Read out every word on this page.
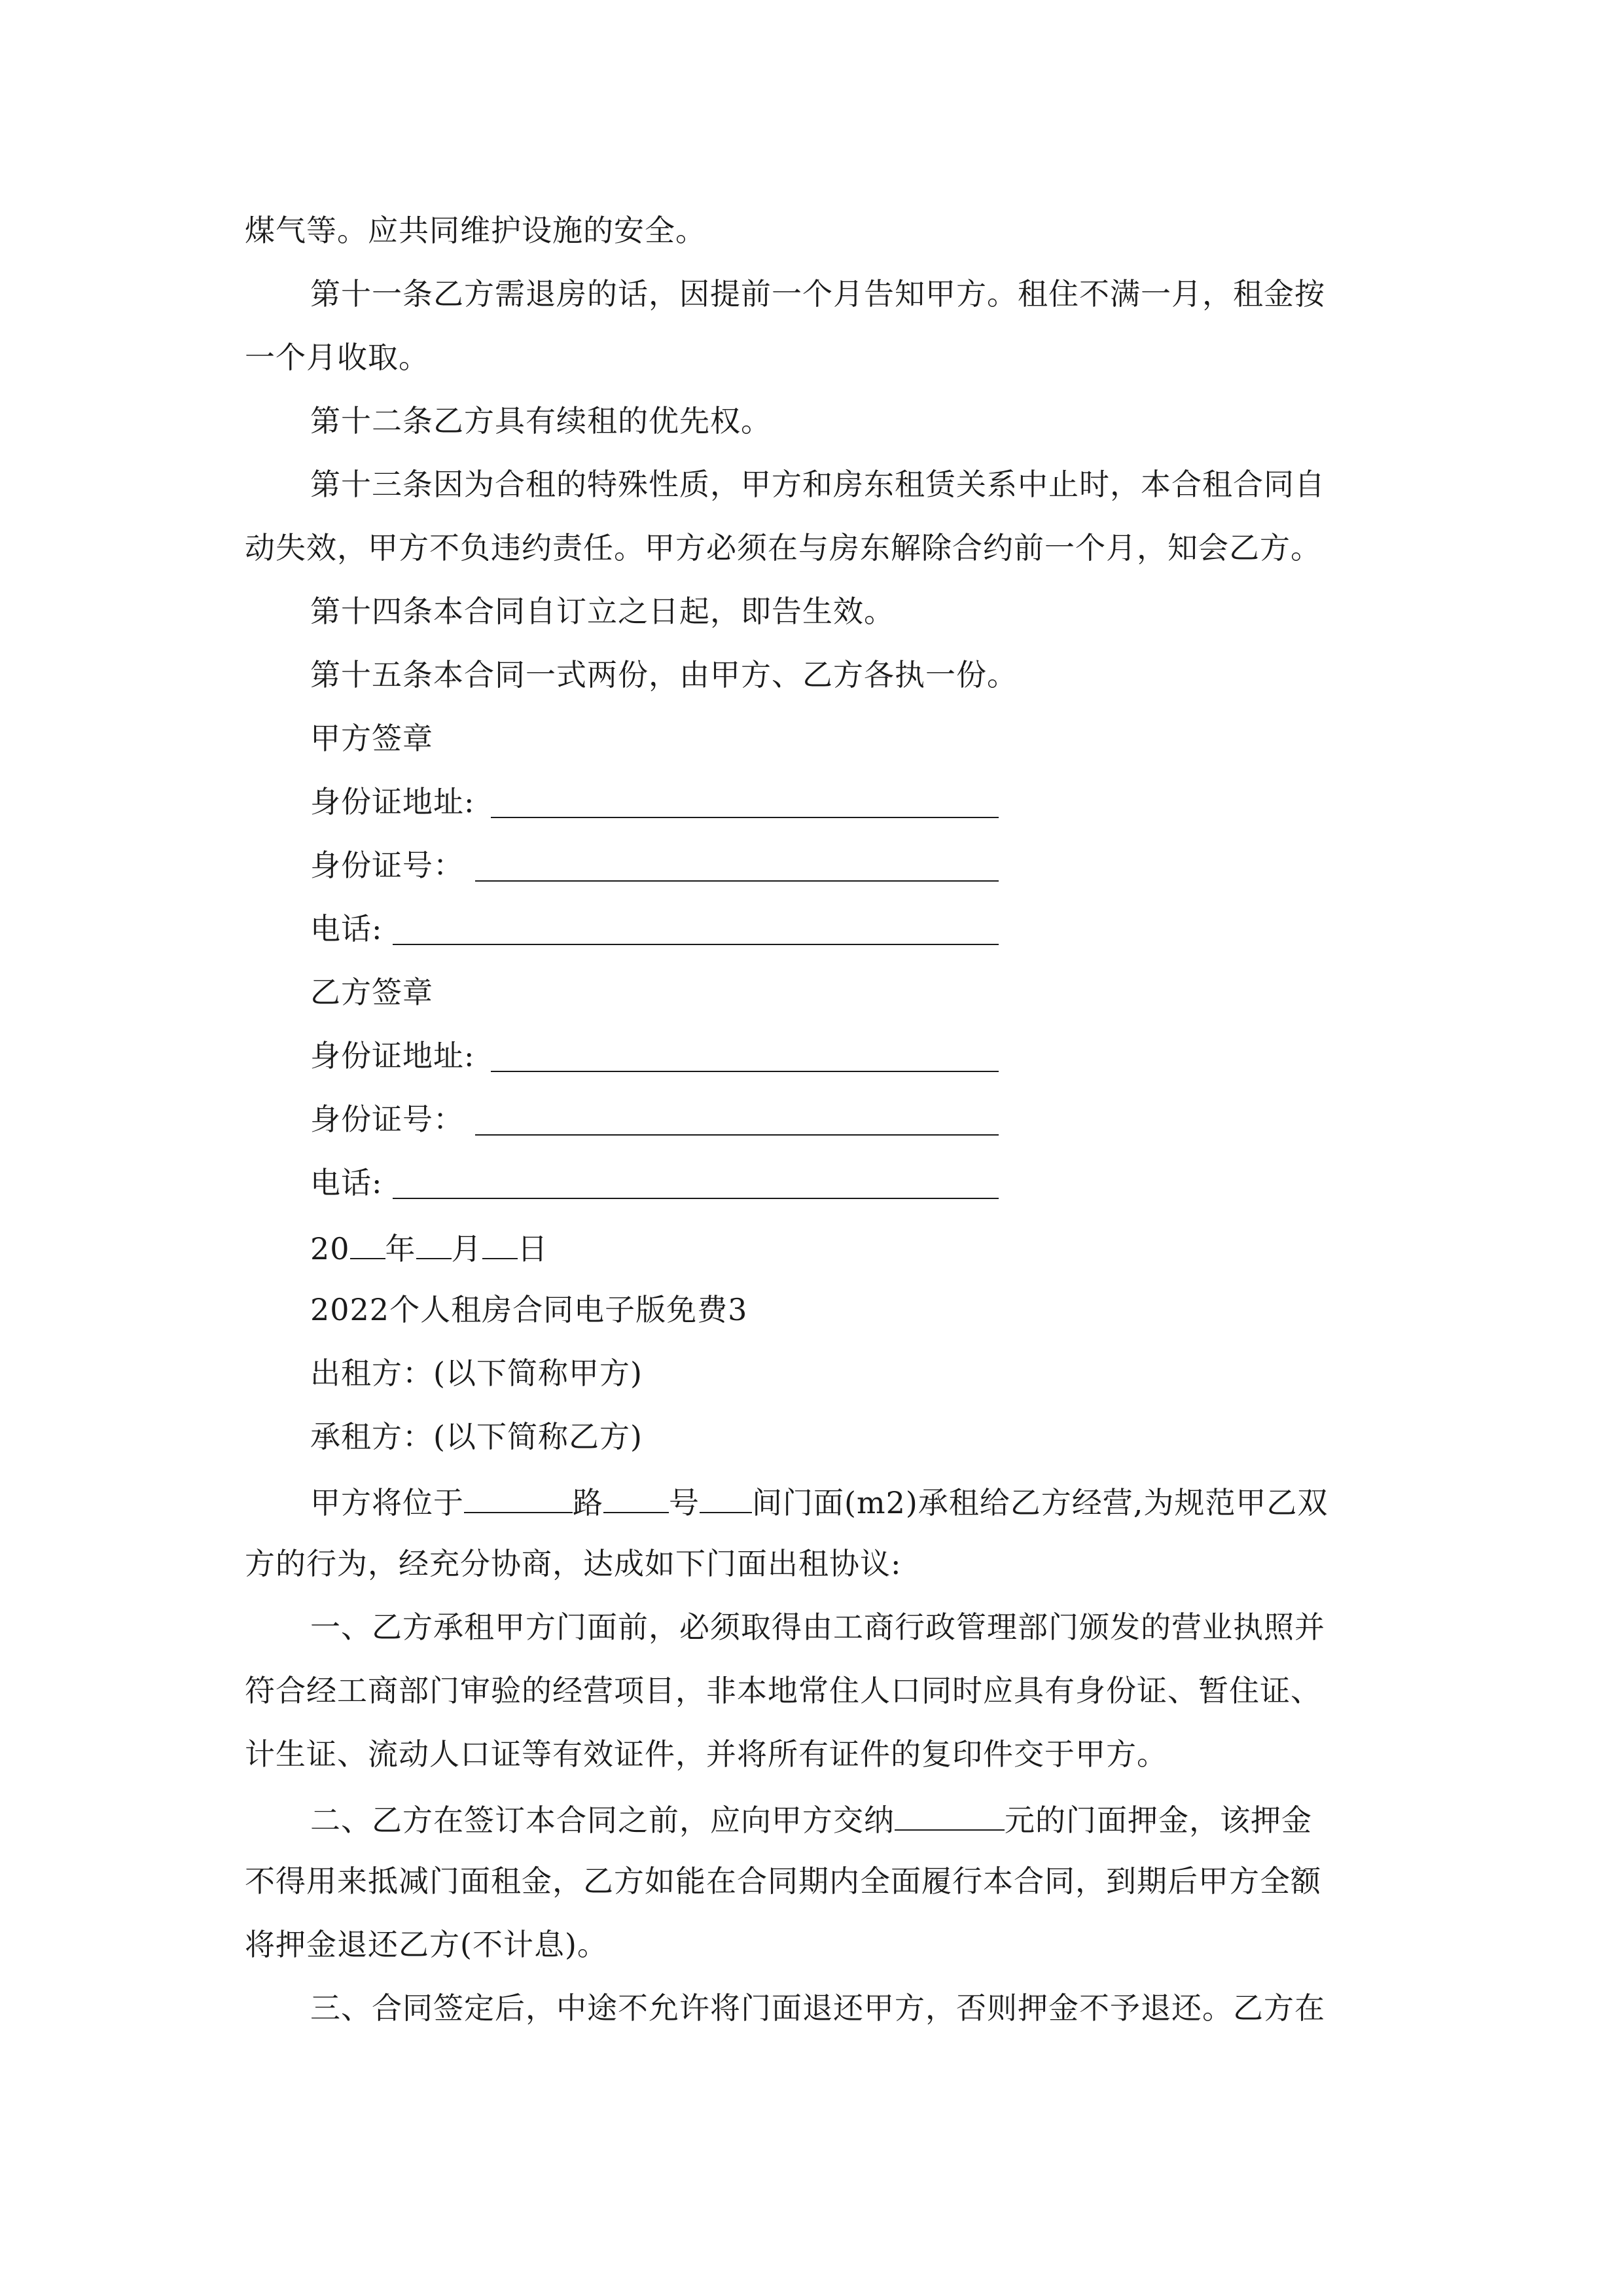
煤气等。应共同维护设施的安全。
第十一条乙方需退房的话，因提前一个月告知甲方。租住不满一月，租金按
一个月收取。
第十二条乙方具有续租的优先权。
第十三条因为合租的特殊性质，甲方和房东租赁关系中止时，本合租合同自
动失效，甲方不负违约责任。甲方必须在与房东解除合约前一个月，知会乙方。
第十四条本合同自订立之日起，即告生效。
第十五条本合同一式两份，由甲方、乙方各执一份。
甲方签章
身份证地址:
身份证号：
电话:
乙方签章
身份证地址:
身份证号：
电话:
20 年 月 日
2022个人租房合同电子版免费3
出租方：(以下简称甲方)
承租方：(以下简称乙方)
甲方将位于	路 号 间门面(m2)承租给乙方经营,为规范甲乙双
方的行为，经充分协商，达成如下门面出租协议:
一、乙方承租甲方门面前，必须取得由工商行政管理部门颁发的营业执照并
符合经工商部门审验的经营项目，非本地常住人口同时应具有身份证、暂住证、
计生证、流动人口证等有效证件，并将所有证件的复印件交于甲方。
二、乙方在签订本合同之前，应向甲方交纳	元的门面押金，该押金
不得用来抵减门面租金，乙方如能在合同期内全面履行本合同，到期后甲方全额
将押金退还乙方(不计息)。
三、合同签定后，中途不允许将门面退还甲方，否则押金不予退还。乙方在
